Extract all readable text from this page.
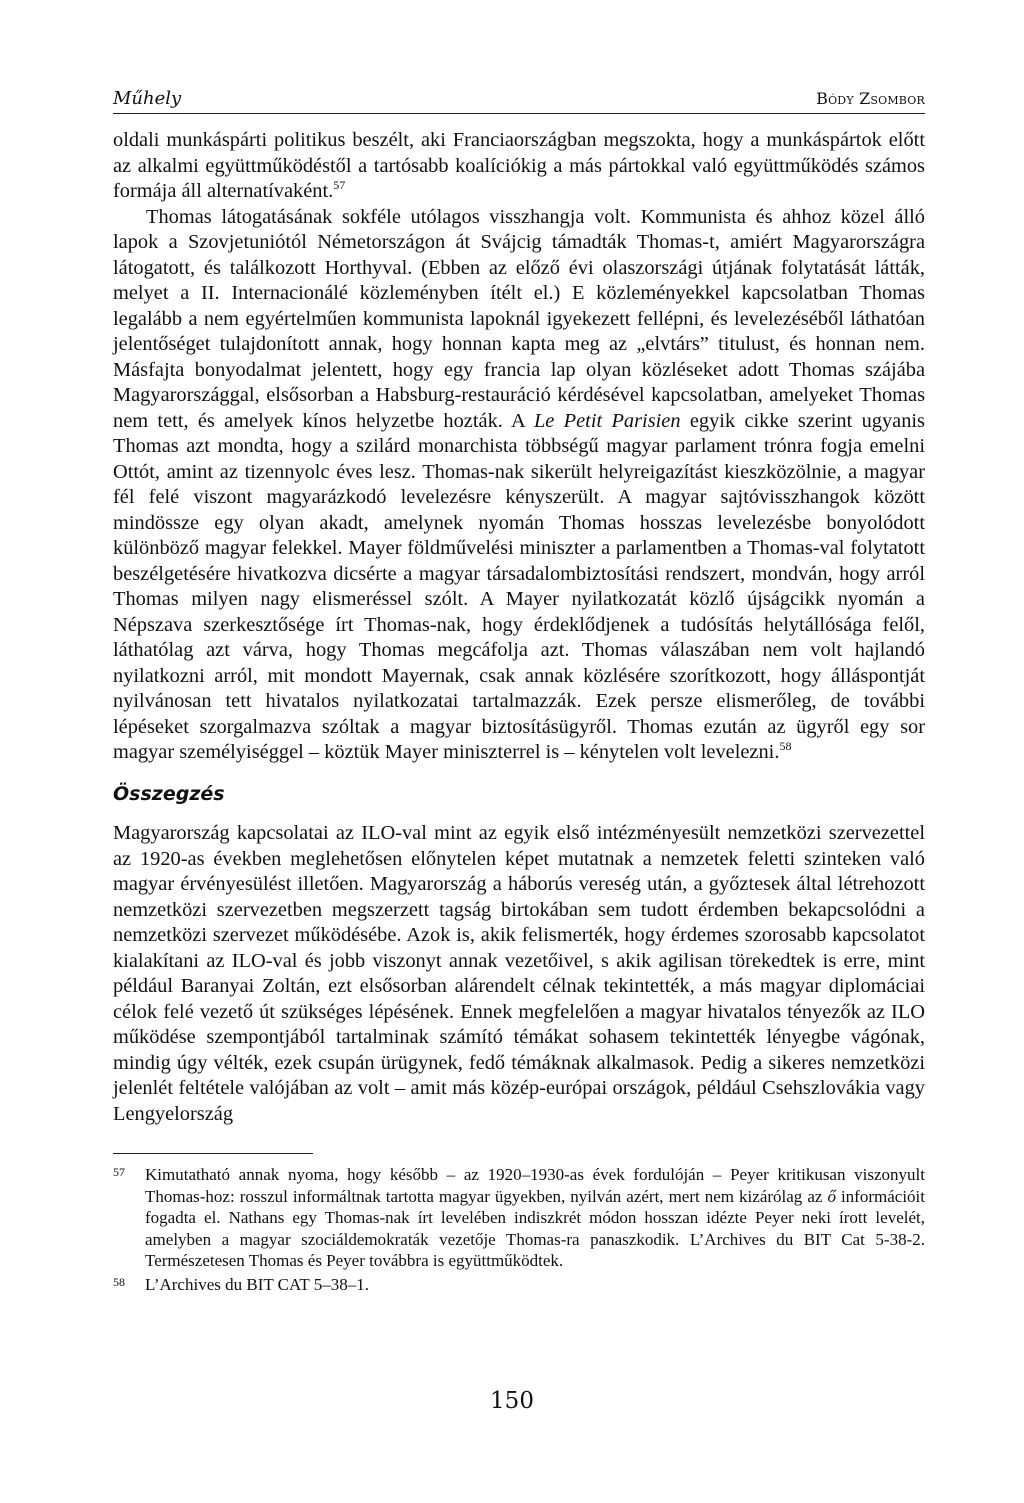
Műhely	Bódy Zsombor

oldali munkáspárti politikus beszélt, aki Franciaországban megszokta, hogy a munkáspártok előtt az alkalmi együttműködéstől a tartósabb koalíciókig a más pártokkal való együttműködés számos formája áll alternatívaként.$^{57}$

Thomas látogatásának sokféle utólagos visszhangja volt. Kommunista és ahhoz közel álló lapok a Szovjetuniótól Németországon át Svájcig támadták Thomas-t, amiért Magyarországra látogatott, és találkozott Horthyval. (Ebben az előző évi olaszországi útjának folytatását látták, melyet a II. Internacionálé közleményben ítélt el.) E közleményekkel kapcsolatban Thomas legalább a nem egyértelműen kommunista lapoknál igyekezett fellépni, és levelezéséből láthatóan jelentőséget tulajdonított annak, hogy honnan kapta meg az „elvtárs” titulust, és honnan nem. Másfajta bonyodalmat jelentett, hogy egy francia lap olyan közléseket adott Thomas szájába Magyarországgal, elsősorban a Habsburg-restauráció kérdésével kapcsolatban, amelyeket Thomas nem tett, és amelyek kínos helyzetbe hozták. A Le Petit Parisien egyik cikke szerint ugyanis Thomas azt mondta, hogy a szilárd monarchista többségű magyar parlament trónra fogja emelni Ottót, amint az tizennyolc éves lesz. Thomas-nak sikerült helyreigazítást kieszközölnie, a magyar fél felé viszont magyarázkodó levelezésre kényszerült. A magyar sajtóvisszhangok között mindössze egy olyan akadt, amelynek nyomán Thomas hosszas levelezésbe bonyolódott különböző magyar felekkel. Mayer földművelési miniszter a parlamentben a Thomas-val folytatott beszélgetésére hivatkozva dicsérte a magyar társadalombiztosítási rendszert, mondván, hogy arról Thomas milyen nagy elismeréssel szólt. A Mayer nyilatkozatát közlő újságcikk nyomán a Népszava szerkesztősége írt Thomas-nak, hogy érdeklődjenek a tudósítás helytállósága felől, láthatólag azt várva, hogy Thomas megcáfolja azt. Thomas válaszában nem volt hajlandó nyilatkozni arról, mit mondott Mayernak, csak annak közlésére szorítkozott, hogy álláspontját nyilvánosan tett hivatalos nyilatkozatai tartalmazzák. Ezek persze elismerőleg, de további lépéseket szorgalmazva szóltak a magyar biztosításügyről. Thomas ezután az ügyről egy sor magyar személyiséggel – köztük Mayer miniszterrel is – kénytelen volt levelezni.$^{58}$

Összegzés

Magyarország kapcsolatai az ILO-val mint az egyik első intézményesült nemzetközi szervezettel az 1920-as években meglehetősen előnytelen képet mutatnak a nemzetek feletti szinteken való magyar érvényesülést illetően. Magyarország a háborús vereség után, a győztesek által létrehozott nemzetközi szervezetben megszerzett tagság birtokában sem tudott érdemben bekapcsolódni a nemzetközi szervezet működésébe. Azok is, akik felismerték, hogy érdemes szorosabb kapcsolatot kialakítani az ILO-val és jobb viszonyt annak vezetőivel, s akik agilisan törekedtek is erre, mint például Baranyai Zoltán, ezt elsősorban alárendelt célnak tekintették, a más magyar diplomáciai célok felé vezető út szükséges lépésének. Ennek megfelelően a magyar hivatalos tényezők az ILO működése szempontjából tartalminak számító témákat sohasem tekintették lényegbe vágónak, mindig úgy vélték, ezek csupán ürügynek, fedő témáknak alkalmasok. Pedig a sikeres nemzetközi jelenlét feltétele valójában az volt – amit más közép-európai országok, például Csehszlovákia vagy Lengyelország

57	Kimutatható annak nyoma, hogy később – az 1920–1930-as évek fordulóján – Peyer kritikusan viszonyult Thomas-hoz: rosszul informáltnak tartotta magyar ügyekben, nyilván azért, mert nem kizárólag az ő információit fogadta el. Nathans egy Thomas-nak írt levelében indiszkrét módon hosszan idézte Peyer neki írott levelét, amelyben a magyar szociáldemokraták vezetője Thomas-ra panaszkodik. L’Archives du BIT Cat 5-38-2. Természetesen Thomas és Peyer továbbra is együttműködtek.
58	L’Archives du BIT CAT 5–38–1.
150
